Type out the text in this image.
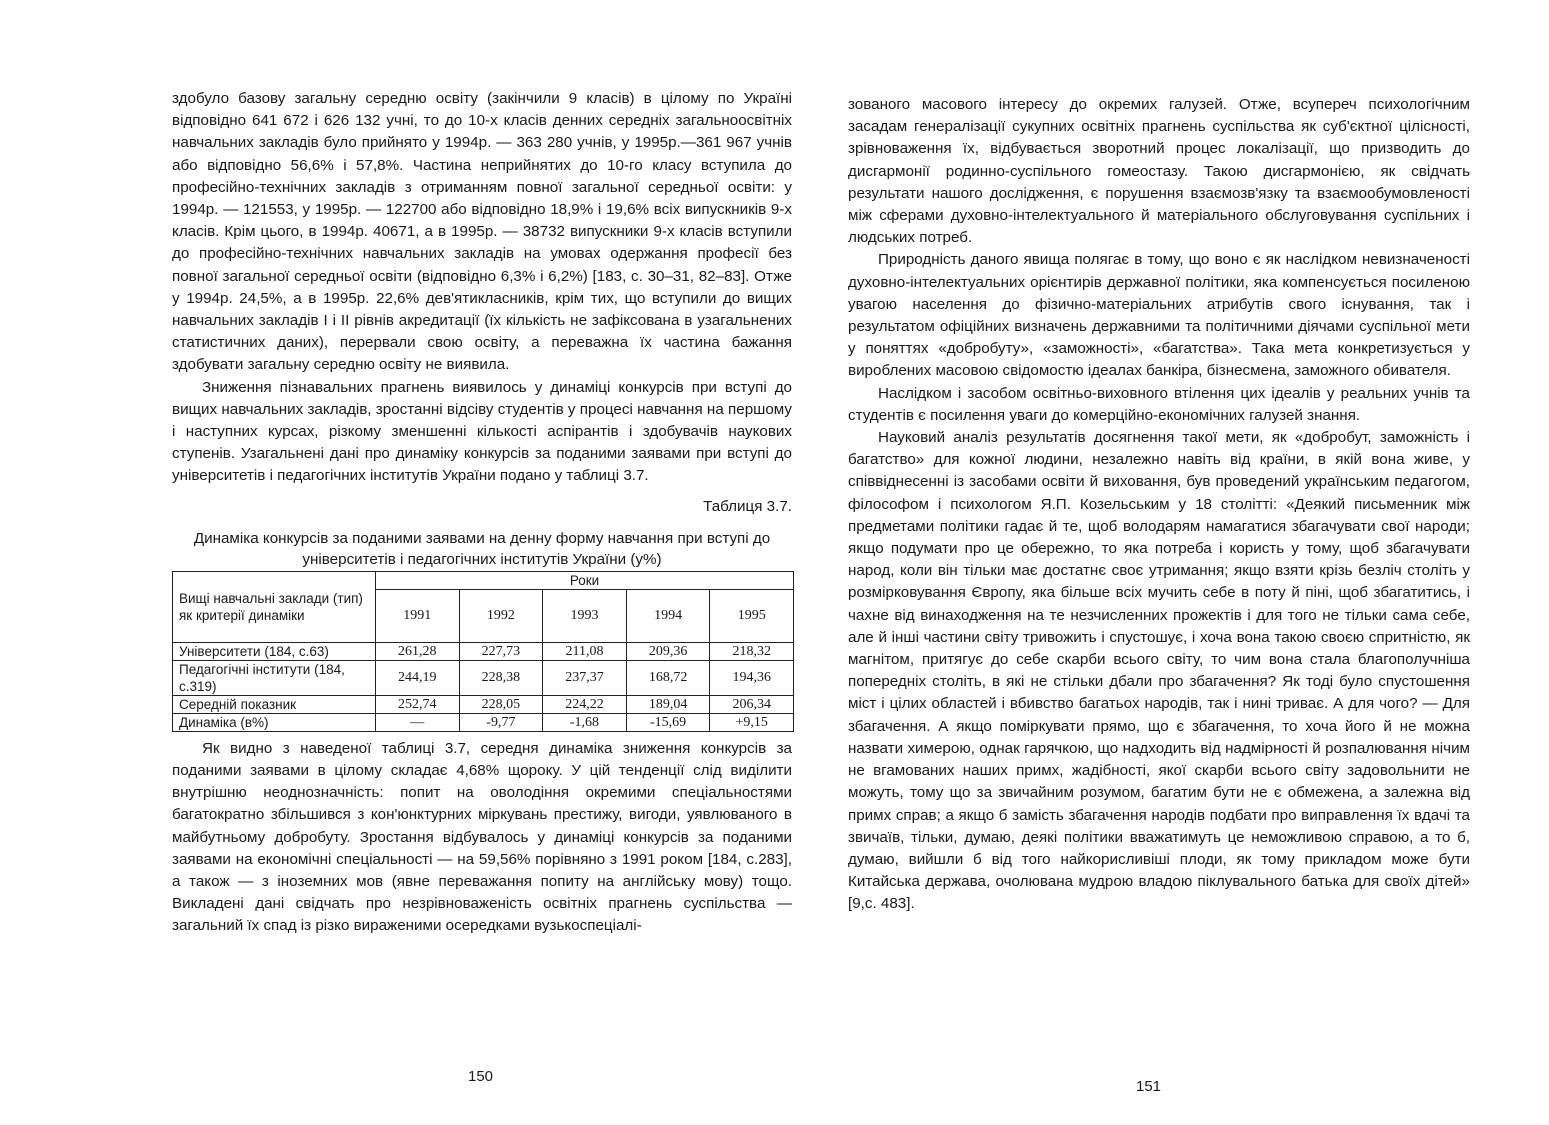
здобуло базову загальну середню освіту (закінчили 9 класів) в цілому по Україні відповідно 641 672 і 626 132 учні, то до 10-х класів денних середніх загальноосвітніх навчальних закладів було прийнято у 1994р. — 363 280 учнів, у 1995р.—361 967 учнів або відповідно 56,6% і 57,8%. Частина неприйнятих до 10-го класу вступила до професійно-технічних закладів з отриманням повної загальної середньої освіти: у 1994р. — 121553, у 1995р. — 122700 або відповідно 18,9% і 19,6% всіх випускників 9-х класів. Крім цього, в 1994р. 40671, а в 1995р. — 38732 випускники 9-х класів вступили до професійно-технічних навчальних закладів на умовах одержання професії без повної загальної середньої освіти (відповідно 6,3% і 6,2%) [183, с. 30–31, 82–83]. Отже у 1994р. 24,5%, а в 1995р. 22,6% дев'ятикласників, крім тих, що вступили до вищих навчальних закладів І і ІІ рівнів акредитації (їх кількість не зафіксована в узагальнених статистичних даних), перервали свою освіту, а переважна їх частина бажання здобувати загальну середню освіту не виявила.

Зниження пізнавальних прагнень виявилось у динаміці конкурсів при вступі до вищих навчальних закладів, зростанні відсіву студентів у процесі навчання на першому і наступних курсах, різкому зменшенні кількості аспірантів і здобувачів наукових ступенів. Узагальнені дані про динаміку конкурсів за поданими заявами при вступі до університетів і педагогічних інститутів України подано у таблиці 3.7.

Таблиця 3.7.

Динаміка конкурсів за поданими заявами на денну форму навчання при вступі до університетів і педагогічних інститутів України (у%)

Вищі навчальні заклади (тип) як критерії динаміки	Роки				
	1991	1992	1993	1994	1995
Університети (184, с.63)	261,28	227,73	211,08	209,36	218,32
Педагогічні інститути (184, с.319)	244,19	228,38	237,37	168,72	194,36
Середній показник	252,74	228,05	224,22	189,04	206,34
Динаміка (в%)	—	-9,77	-1,68	-15,69	+9,15

Як видно з наведеної таблиці 3.7, середня динаміка зниження конкурсів за поданими заявами в цілому складає 4,68% щороку. У цій тенденції слід виділити внутрішню неоднозначність: попит на оволодіння окремими спеціальностями багатократно збільшився з кон'юнктурних міркувань престижу, вигоди, уявлюваного в майбутньому добробуту. Зростання відбувалось у динаміці конкурсів за поданими заявами на економічні спеціальності — на 59,56% порівняно з 1991 роком [184, с.283], а також — з іноземних мов (явне переважання попиту на англійську мову) тощо. Викладені дані свідчать про незрівноваженість освітніх прагнень суспільства — загальний їх спад із різко вираженими осередками вузькоспеціалі-

150

зованого масового інтересу до окремих галузей. Отже, всупереч психологічним засадам генералізації сукупних освітніх прагнень суспільства як суб'єктної цілісності, зрівноваження їх, відбувається зворотний процес локалізації, що призводить до дисгармонії родинно-суспільного гомеостазу. Такою дисгармонією, як свідчать результати нашого дослідження, є порушення взаємозв'язку та взаємообумовленості між сферами духовно-інтелектуального й матеріального обслуговування суспільних і людських потреб.

Природність даного явища полягає в тому, що воно є як наслідком невизначеності духовно-інтелектуальних орієнтирів державної політики, яка компенсується посиленою увагою населення до фізично-матеріальних атрибутів свого існування, так і результатом офіційних визначень державними та політичними діячами суспільної мети у поняттях «добробуту», «заможності», «багатства». Така мета конкретизується у вироблених масовою свідомостю ідеалах банкіра, бізнесмена, заможного обивателя.

Наслідком і засобом освітньо-виховного втілення цих ідеалів у реальних учнів та студентів є посилення уваги до комерційно-економічних галузей знання.

Науковий аналіз результатів досягнення такої мети, як «добробут, заможність і багатство» для кожної людини, незалежно навіть від країни, в якій вона живе, у співвіднесенні із засобами освіти й виховання, був проведений українським педагогом, філософом і психологом Я.П. Козельським у 18 столітті: «Деякий письменник між предметами політики гадає й те, щоб володарям намагатися збагачувати свої народи; якщо подумати про це обережно, то яка потреба і користь у тому, щоб збагачувати народ, коли він тільки має достатнє своє утримання; якщо взяти крізь безліч століть у розмірковування Європу, яка більше всіх мучить себе в поту й піні, щоб збагатитись, і чахне від винаходження на те незчисленних прожектів і для того не тільки сама себе, але й інші частини світу тривожить і спустошує, і хоча вона такою своєю спритністю, як магнітом, притягує до себе скарби всього світу, то чим вона стала благополучніша попередніх століть, в які не стільки дбали про збагачення? Як тоді було спустошення міст і цілих областей і вбивство багатьох народів, так і нині триває. А для чого? — Для збагачення. А якщо поміркувати прямо, що є збагачення, то хоча його й не можна назвати химерою, однак гарячкою, що надходить від надмірності й розпалювання нічим не вгамованих наших примх, жадібності, якої скарби всього світу задовольнити не можуть, тому що за звичайним розумом, багатим бути не є обмежена, а залежна від примх справ; а якщо б замість збагачення народів подбати про виправлення їх вдачі та звичаїв, тільки, думаю, деякі політики вважатимуть це неможливою справою, а то б, думаю, вийшли б від того найкорисливіші плоди, як тому прикладом може бути Китайська держава, очолювана мудрою владою піклувального батька для своїх дітей» [9,с. 483].

151
